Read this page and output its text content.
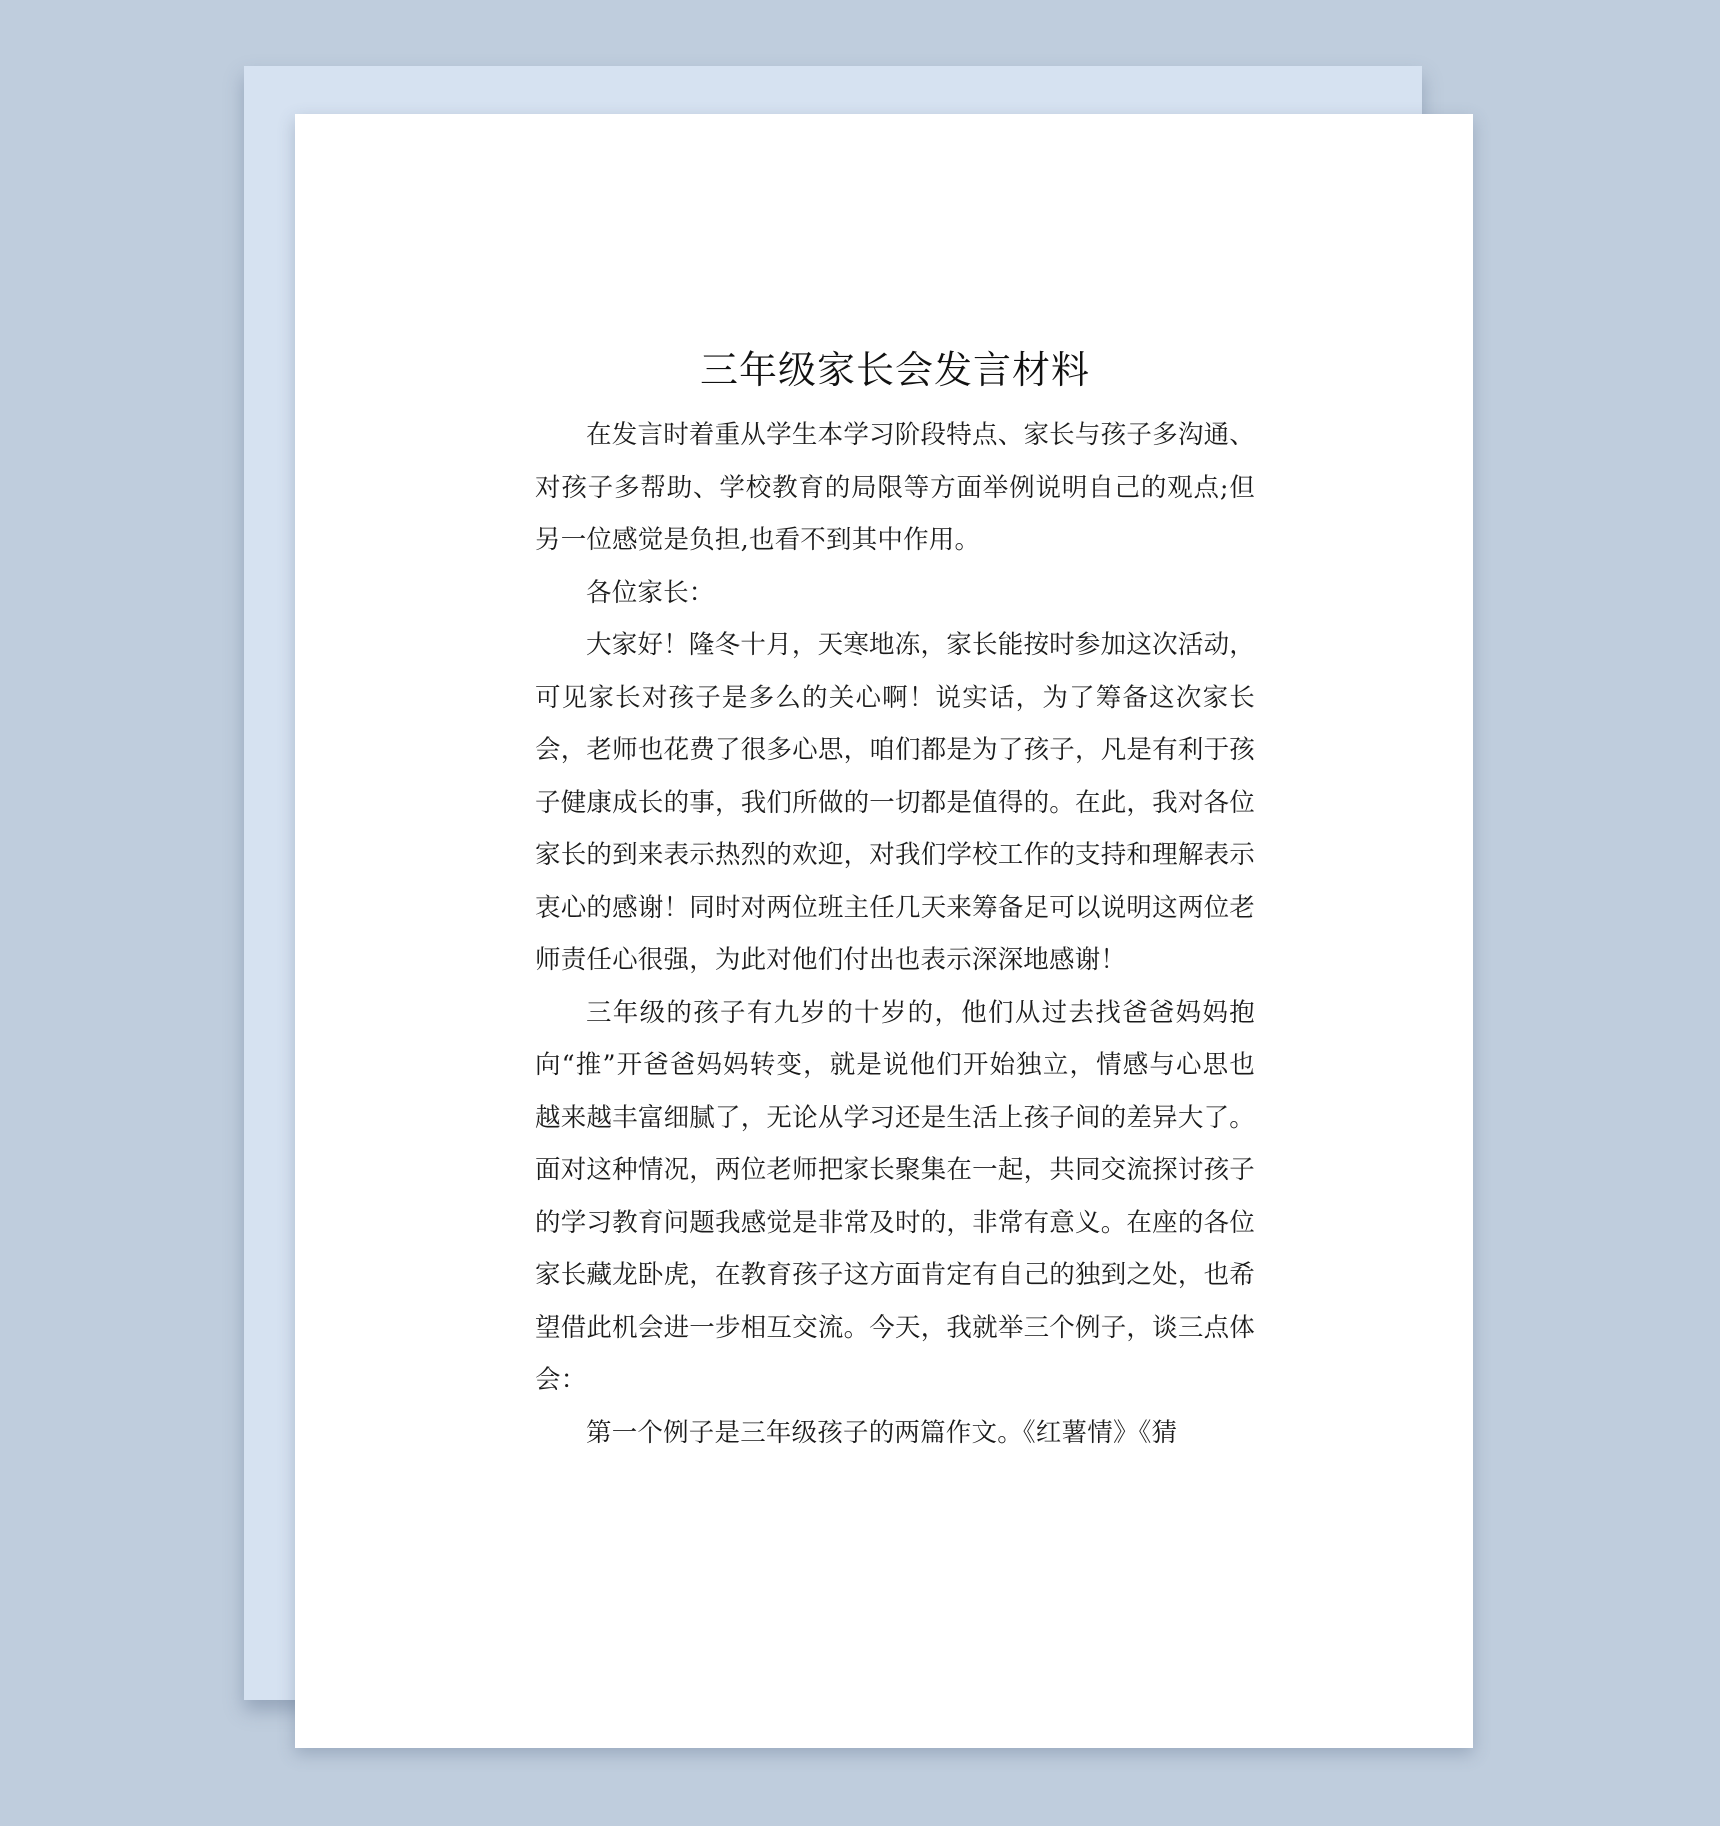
三年级家长会发言材料

在发言时着重从学生本学习阶段特点、家长与孩子多沟通、对孩子多帮助、学校教育的局限等方面举例说明自己的观点;但另一位感觉是负担,也看不到其中作用。

各位家长：

大家好！隆冬十月，天寒地冻，家长能按时参加这次活动，可见家长对孩子是多么的关心啊！说实话，为了筹备这次家长会，老师也花费了很多心思，咱们都是为了孩子，凡是有利于孩子健康成长的事，我们所做的一切都是值得的。在此，我对各位家长的到来表示热烈的欢迎，对我们学校工作的支持和理解表示衷心的感谢！同时对两位班主任几天来筹备足可以说明这两位老师责任心很强，为此对他们付出也表示深深地感谢！

三年级的孩子有九岁的十岁的，他们从过去找爸爸妈妈抱向“推”开爸爸妈妈转变，就是说他们开始独立，情感与心思也越来越丰富细腻了，无论从学习还是生活上孩子间的差异大了。面对这种情况，两位老师把家长聚集在一起，共同交流探讨孩子的学习教育问题我感觉是非常及时的，非常有意义。在座的各位家长藏龙卧虎，在教育孩子这方面肯定有自己的独到之处，也希望借此机会进一步相互交流。今天，我就举三个例子，谈三点体会：

第一个例子是三年级孩子的两篇作文。《红薯情》《猜
